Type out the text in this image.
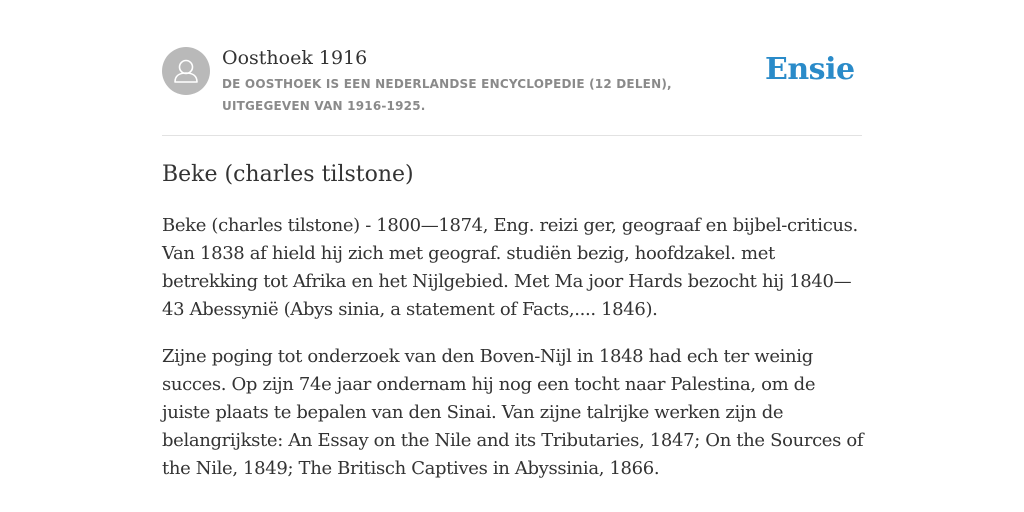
Oosthoek 1916
DE OOSTHOEK IS EEN NEDERLANDSE ENCYCLOPEDIE (12 DELEN), UITGEGEVEN VAN 1916-1925.
Ensie
Beke (charles tilstone)

Beke (charles tilstone) - 1800—1874, Eng. reizi ger, geograaf en bijbel-criticus. Van 1838 af hield hij zich met geograf. studiën bezig, hoofdzakel. met betrekking tot Afrika en het Nijlgebied. Met Ma joor Hards bezocht hij 1840— 43 Abessynië (Abys sinia, a statement of Facts,.... 1846).

Zijne poging tot onderzoek van den Boven-Nijl in 1848 had ech ter weinig succes. Op zijn 74e jaar ondernam hij nog een tocht naar Palestina, om de juiste plaats te bepalen van den Sinai. Van zijne talrijke werken zijn de belangrijkste: An Essay on the Nile and its Tributaries, 1847; On the Sources of the Nile, 1849; The Britisch Captives in Abyssinia, 1866.
